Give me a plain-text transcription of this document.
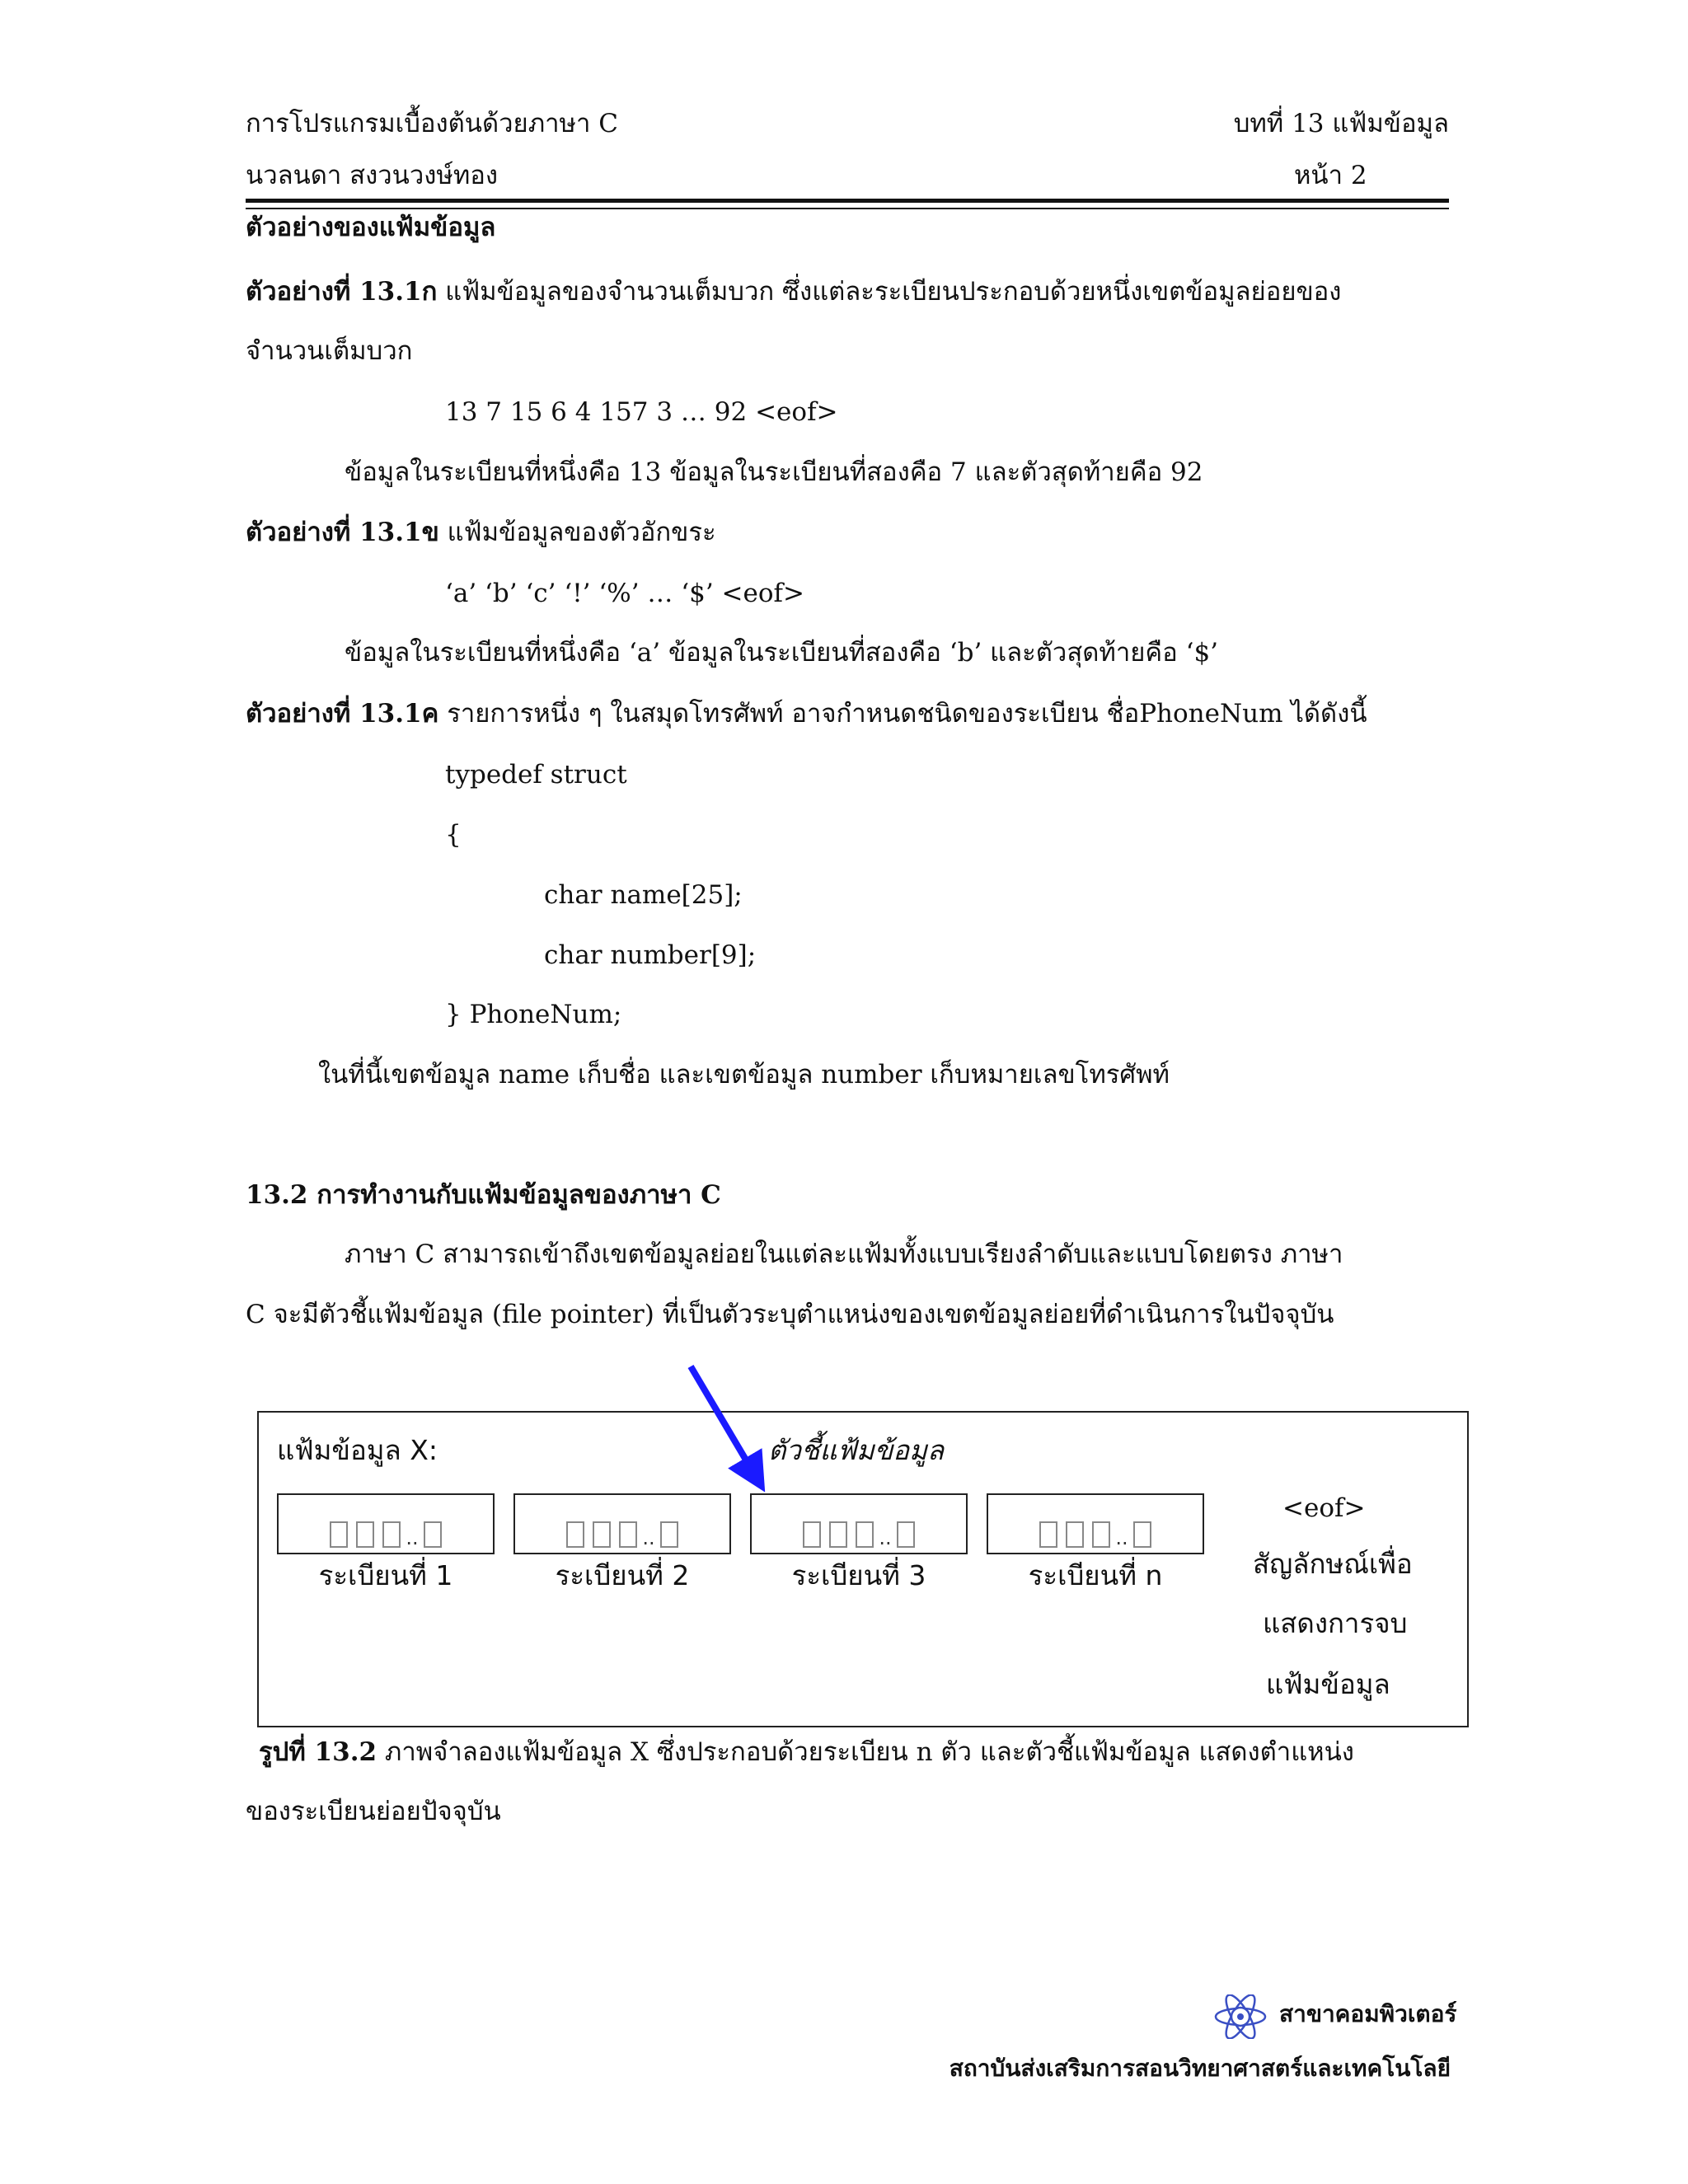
การโปรแกรมเบื้องต้นด้วยภาษา C	บทที่ 13 แฟ้มข้อมูล
นวลนดา สงวนวงษ์ทอง	หน้า 2
ตัวอย่างของแฟ้มข้อมูล
ตัวอย่างที่ 13.1ก แฟ้มข้อมูลของจำนวนเต็มบวก ซึ่งแต่ละระเบียนประกอบด้วยหนึ่งเขตข้อมูลย่อยของ
จำนวนเต็มบวก
13 7 15 6 4 157 3 … 92 <eof>
ข้อมูลในระเบียนที่หนึ่งคือ 13 ข้อมูลในระเบียนที่สองคือ 7 และตัวสุดท้ายคือ 92
ตัวอย่างที่ 13.1ข แฟ้มข้อมูลของตัวอักขระ
‘a’ ‘b’ ‘c’ ‘!’ ‘%’ … ‘$’ <eof>
ข้อมูลในระเบียนที่หนึ่งคือ ‘a’ ข้อมูลในระเบียนที่สองคือ ‘b’ และตัวสุดท้ายคือ ‘$’
ตัวอย่างที่ 13.1ค รายการหนึ่ง ๆ ในสมุดโทรศัพท์ อาจกำหนดชนิดของระเบียน ชื่อPhoneNum ได้ดังนี้
typedef struct
{
char name[25];
char number[9];
} PhoneNum;
ในที่นี้เขตข้อมูล name เก็บชื่อ และเขตข้อมูล number เก็บหมายเลขโทรศัพท์
13.2 การทำงานกับแฟ้มข้อมูลของภาษา C
ภาษา C สามารถเข้าถึงเขตข้อมูลย่อยในแต่ละแฟ้มทั้งแบบเรียงลำดับและแบบโดยตรง ภาษา
C จะมีตัวชี้แฟ้มข้อมูล (file pointer) ที่เป็นตัวระบุตำแหน่งของเขตข้อมูลย่อยที่ดำเนินการในปัจจุบัน
แฟ้มข้อมูล X:	ตัวชี้แฟ้มข้อมูล
..	..	..	..
ระเบียนที่ 1	ระเบียนที่ 2	ระเบียนที่ 3	ระเบียนที่ n
<eof>
สัญลักษณ์เพื่อ
แสดงการจบ
แฟ้มข้อมูล
รูปที่ 13.2 ภาพจำลองแฟ้มข้อมูล X ซึ่งประกอบด้วยระเบียน n ตัว และตัวชี้แฟ้มข้อมูล แสดงตำแหน่ง
ของระเบียนย่อยปัจจุบัน
สาขาคอมพิวเตอร์
สถาบันส่งเสริมการสอนวิทยาศาสตร์และเทคโนโลยี
